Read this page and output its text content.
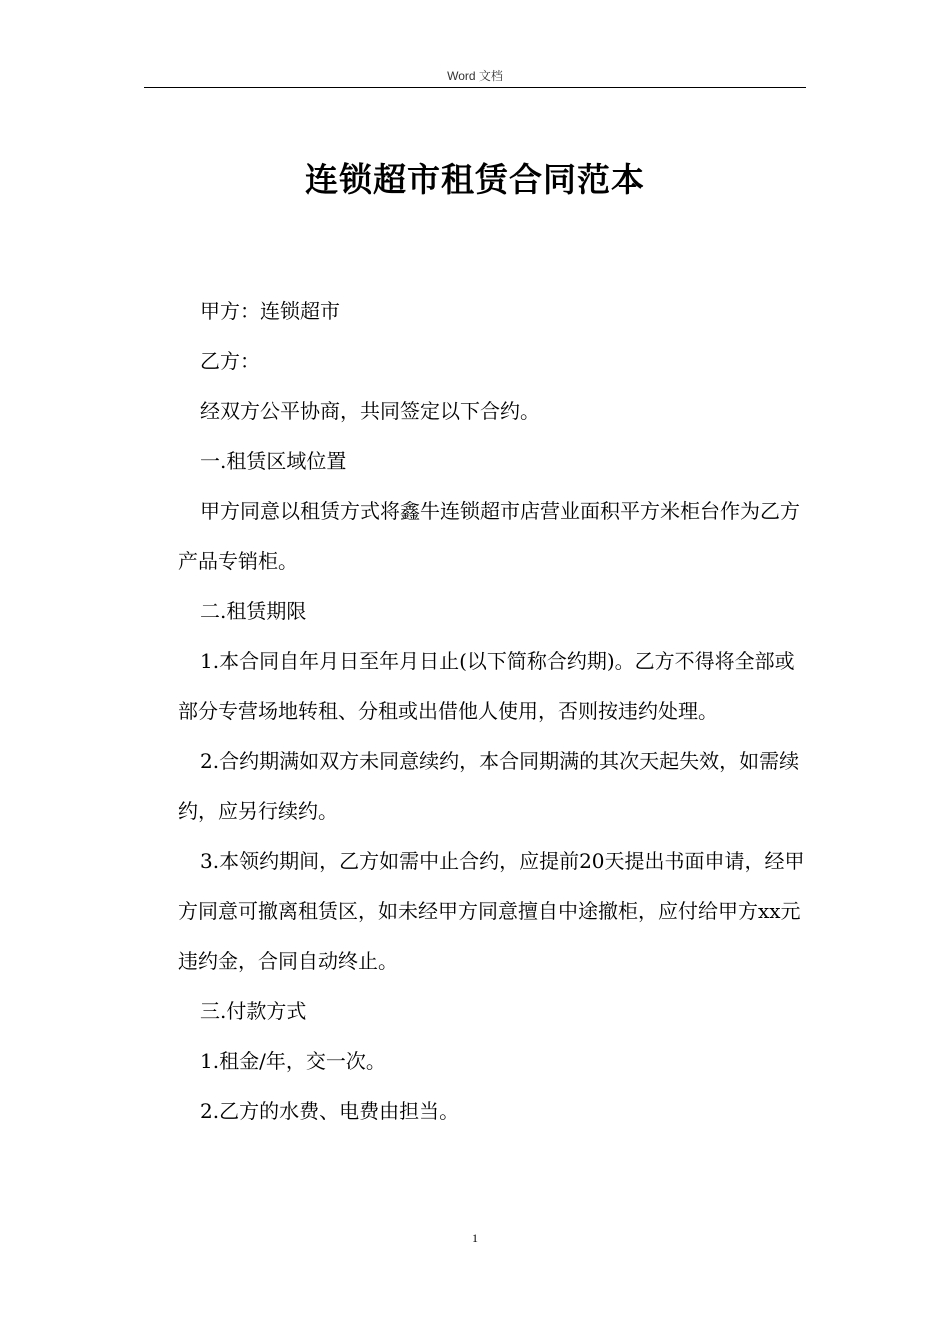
Word 文档
连锁超市租赁合同范本

甲方：连锁超市

乙方：

经双方公平协商，共同签定以下合约。

一.租赁区域位置

甲方同意以租赁方式将鑫牛连锁超市店营业面积平方米柜台作为乙方产品专销柜。

二.租赁期限

1.本合同自年月日至年月日止(以下简称合约期)。乙方不得将全部或部分专营场地转租、分租或出借他人使用，否则按违约处理。

2.合约期满如双方未同意续约，本合同期满的其次天起失效，如需续约，应另行续约。

3.本领约期间，乙方如需中止合约，应提前20天提出书面申请，经甲方同意可撤离租赁区，如未经甲方同意擅自中途撤柜，应付给甲方xx元违约金，合同自动终止。

三.付款方式

1.租金/年，交一次。

2.乙方的水费、电费由担当。

1
